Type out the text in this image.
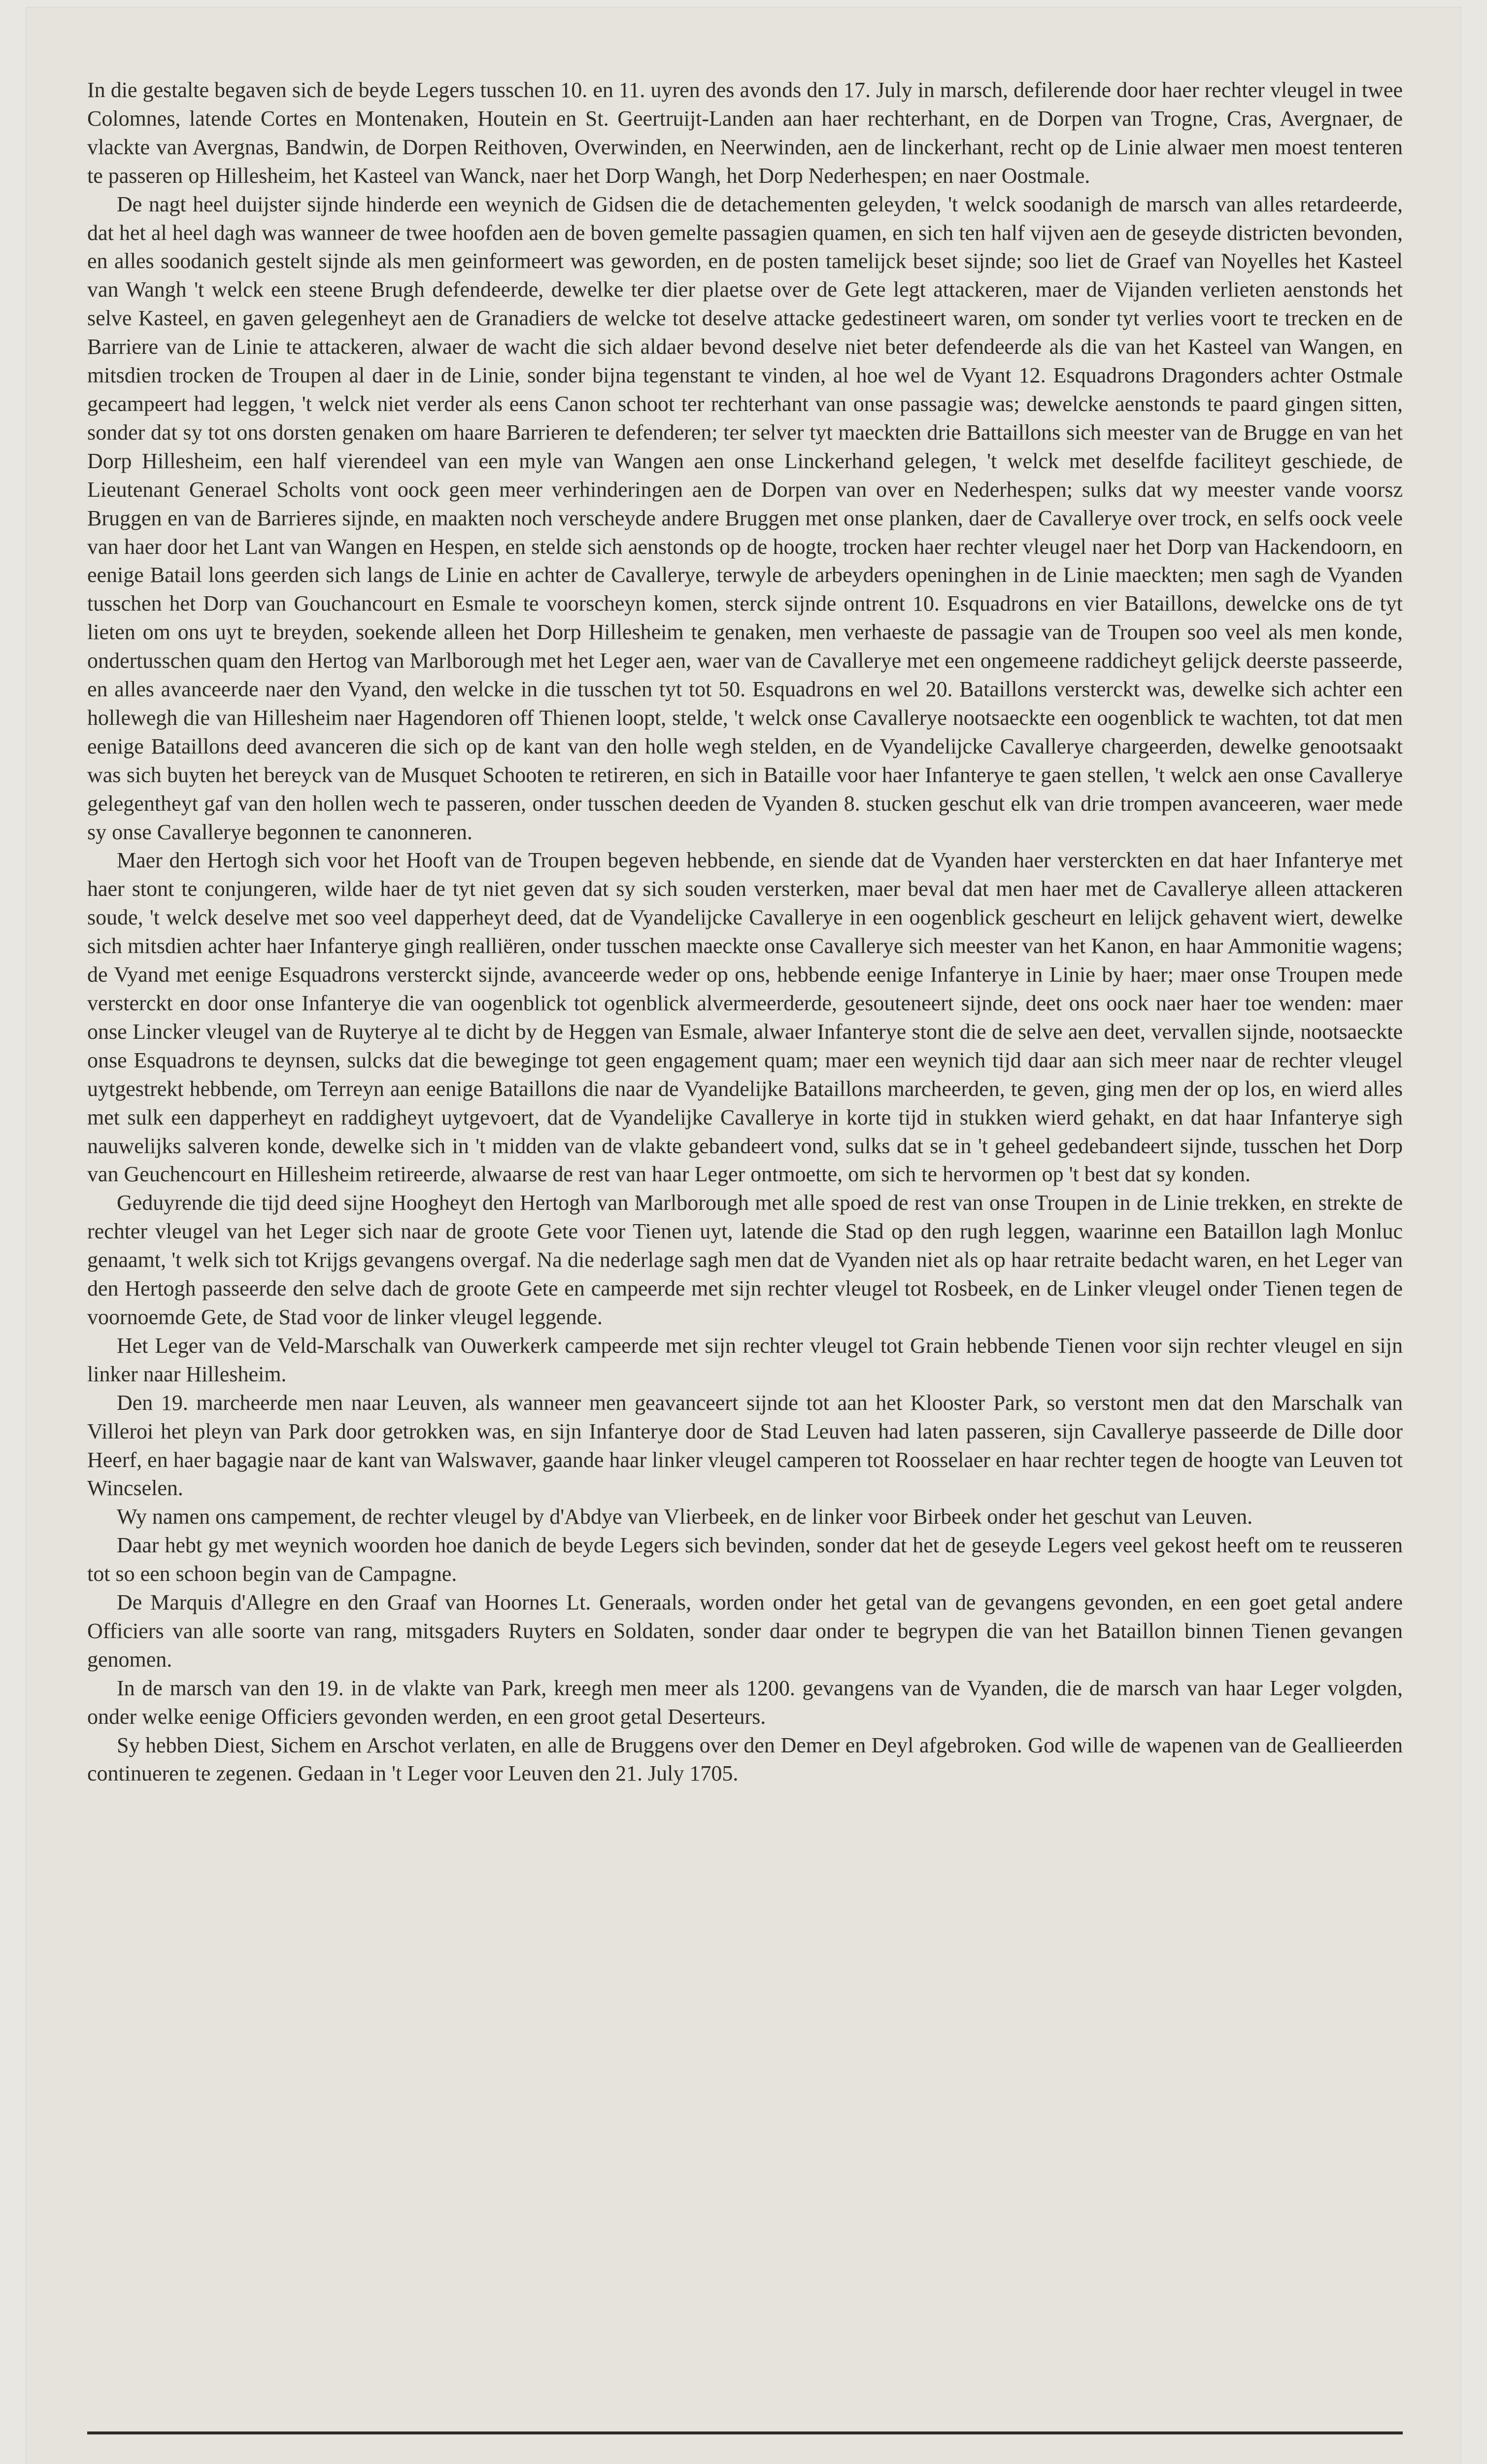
In die gestalte begaven sich de beyde Legers tusschen 10. en 11. uyren des avonds den 17. July in marsch, defilerende door haer rechter vleugel in twee Colomnes, latende Cortes en Montenaken, Houtein en St. Geertruijt-Landen aan haer rechterhant, en de Dorpen van Trogne, Cras, Avergnaer, de vlackte van Avergnas, Bandwin, de Dorpen Reithoven, Overwinden, en Neerwinden, aen de linckerhant, recht op de Linie alwaer men moest tenteren te passeren op Hillesheim, het Kasteel van Wanck, naer het Dorp Wangh, het Dorp Nederhespen; en naer Oostmale.

De nagt heel duijster sijnde hinderde een weynich de Gidsen die de detachementen geleyden, 't welck soodanigh de marsch van alles retardeerde, dat het al heel dagh was wanneer de twee hoofden aen de boven gemelte passagien quamen, en sich ten half vijven aen de geseyde districten bevonden, en alles soodanich gestelt sijnde als men geinformeert was geworden, en de posten tamelijck beset sijnde; soo liet de Graef van Noyelles het Kasteel van Wangh 't welck een steene Brugh defendeerde, dewelke ter dier plaetse over de Gete legt attackeren, maer de Vijanden verlieten aenstonds het selve Kasteel, en gaven gelegenheyt aen de Granadiers de welcke tot deselve attacke gedestineert waren, om sonder tyt verlies voort te trecken en de Barriere van de Linie te attackeren, alwaer de wacht die sich aldaer bevond deselve niet beter defendeerde als die van het Kasteel van Wangen, en mitsdien trocken de Troupen al daer in de Linie, sonder bijna tegenstant te vinden, al hoe wel de Vyant 12. Esquadrons Dragonders achter Ostmale gecampeert had leggen, 't welck niet verder als eens Canon schoot ter rechterhant van onse passagie was; dewelcke aenstonds te paard gingen sitten, sonder dat sy tot ons dorsten genaken om haare Barrieren te defenderen; ter selver tyt maeckten drie Battaillons sich meester van de Brugge en van het Dorp Hillesheim, een half vierendeel van een myle van Wangen aen onse Linckerhand gelegen, 't welck met deselfde faciliteyt geschiede, de Lieutenant Generael Scholts vont oock geen meer verhinderingen aen de Dorpen van over en Nederhespen; sulks dat wy meester vande voorsz Bruggen en van de Barrieres sijnde, en maakten noch verscheyde andere Bruggen met onse planken, daer de Cavallerye over trock, en selfs oock veele van haer door het Lant van Wangen en Hespen, en stelde sich aenstonds op de hoogte, trocken haer rechter vleugel naer het Dorp van Hackendoorn, en eenige Batail lons geerden sich langs de Linie en achter de Cavallerye, terwyle de arbeyders openinghen in de Linie maeckten; men sagh de Vyanden tusschen het Dorp van Gouchancourt en Esmale te voorscheyn komen, sterck sijnde ontrent 10. Esquadrons en vier Bataillons, dewelcke ons de tyt lieten om ons uyt te breyden, soekende alleen het Dorp Hillesheim te genaken, men verhaeste de passagie van de Troupen soo veel als men konde, ondertusschen quam den Hertog van Marlborough met het Leger aen, waer van de Cavallerye met een ongemeene raddicheyt gelijck deerste passeerde, en alles avanceerde naer den Vyand, den welcke in die tusschen tyt tot 50. Esquadrons en wel 20. Bataillons versterckt was, dewelke sich achter een hollewegh die van Hillesheim naer Hagendoren off Thienen loopt, stelde, 't welck onse Cavallerye nootsaeckte een oogenblick te wachten, tot dat men eenige Bataillons deed avanceren die sich op de kant van den holle wegh stelden, en de Vyandelijcke Cavallerye chargeerden, dewelke genootsaakt was sich buyten het bereyck van de Musquet Schooten te retireren, en sich in Bataille voor haer Infanterye te gaen stellen, 't welck aen onse Cavallerye gelegentheyt gaf van den hollen wech te passeren, onder tusschen deeden de Vyanden 8. stucken geschut elk van drie trompen avanceeren, waer mede sy onse Cavallerye begonnen te canonneren.

Maer den Hertogh sich voor het Hooft van de Troupen begeven hebbende, en siende dat de Vyanden haer versterckten en dat haer Infanterye met haer stont te conjungeren, wilde haer de tyt niet geven dat sy sich souden versterken, maer beval dat men haer met de Cavallerye alleen attackeren soude, 't welck deselve met soo veel dapperheyt deed, dat de Vyandelijcke Cavallerye in een oogenblick gescheurt en lelijck gehavent wiert, dewelke sich mitsdien achter haer Infanterye gingh realliëren, onder tusschen maeckte onse Cavallerye sich meester van het Kanon, en haar Ammonitie wagens; de Vyand met eenige Esquadrons versterckt sijnde, avanceerde weder op ons, hebbende eenige Infanterye in Linie by haer; maer onse Troupen mede versterckt en door onse Infanterye die van oogenblick tot ogenblick alvermeerderde, gesouteneert sijnde, deet ons oock naer haer toe wenden: maer onse Lincker vleugel van de Ruyterye al te dicht by de Heggen van Esmale, alwaer Infanterye stont die de selve aen deet, vervallen sijnde, nootsaeckte onse Esquadrons te deynsen, sulcks dat die beweginge tot geen engagement quam; maer een weynich tijd daar aan sich meer naar de rechter vleugel uytgestrekt hebbende, om Terreyn aan eenige Bataillons die naar de Vyandelijke Bataillons marcheerden, te geven, ging men der op los, en wierd alles met sulk een dapperheyt en raddigheyt uytgevoert, dat de Vyandelijke Cavallerye in korte tijd in stukken wierd gehakt, en dat haar Infanterye sigh nauwelijks salveren konde, dewelke sich in 't midden van de vlakte gebandeert vond, sulks dat se in 't geheel gedebandeert sijnde, tusschen het Dorp van Geuchencourt en Hillesheim retireerde, alwaarse de rest van haar Leger ontmoette, om sich te hervormen op 't best dat sy konden.

Geduyrende die tijd deed sijne Hoogheyt den Hertogh van Marlborough met alle spoed de rest van onse Troupen in de Linie trekken, en strekte de rechter vleugel van het Leger sich naar de groote Gete voor Tienen uyt, latende die Stad op den rugh leggen, waarinne een Bataillon lagh Monluc genaamt, 't welk sich tot Krijgs gevangens overgaf. Na die nederlage sagh men dat de Vyanden niet als op haar retraite bedacht waren, en het Leger van den Hertogh passeerde den selve dach de groote Gete en campeerde met sijn rechter vleugel tot Rosbeek, en de Linker vleugel onder Tienen tegen de voornoemde Gete, de Stad voor de linker vleugel leggende.

Het Leger van de Veld-Marschalk van Ouwerkerk campeerde met sijn rechter vleugel tot Grain hebbende Tienen voor sijn rechter vleugel en sijn linker naar Hillesheim.

Den 19. marcheerde men naar Leuven, als wanneer men geavanceert sijnde tot aan het Klooster Park, so verstont men dat den Marschalk van Villeroi het pleyn van Park door getrokken was, en sijn Infanterye door de Stad Leuven had laten passeren, sijn Cavallerye passeerde de Dille door Heerf, en haer bagagie naar de kant van Walswaver, gaande haar linker vleugel camperen tot Roosselaer en haar rechter tegen de hoogte van Leuven tot Wincselen.

Wy namen ons campement, de rechter vleugel by d'Abdye van Vlierbeek, en de linker voor Birbeek onder het geschut van Leuven.

Daar hebt gy met weynich woorden hoe danich de beyde Legers sich bevinden, sonder dat het de geseyde Legers veel gekost heeft om te reusseren tot so een schoon begin van de Campagne.

De Marquis d'Allegre en den Graaf van Hoornes Lt. Generaals, worden onder het getal van de gevangens gevonden, en een goet getal andere Officiers van alle soorte van rang, mitsgaders Ruyters en Soldaten, sonder daar onder te begrypen die van het Bataillon binnen Tienen gevangen genomen.

In de marsch van den 19. in de vlakte van Park, kreegh men meer als 1200. gevangens van de Vyanden, die de marsch van haar Leger volgden, onder welke eenige Officiers gevonden werden, en een groot getal Deserteurs.

Sy hebben Diest, Sichem en Arschot verlaten, en alle de Bruggens over den Demer en Deyl afgebroken. God wille de wapenen van de Geallieerden continueren te zegenen. Gedaan in 't Leger voor Leuven den 21. July 1705.
